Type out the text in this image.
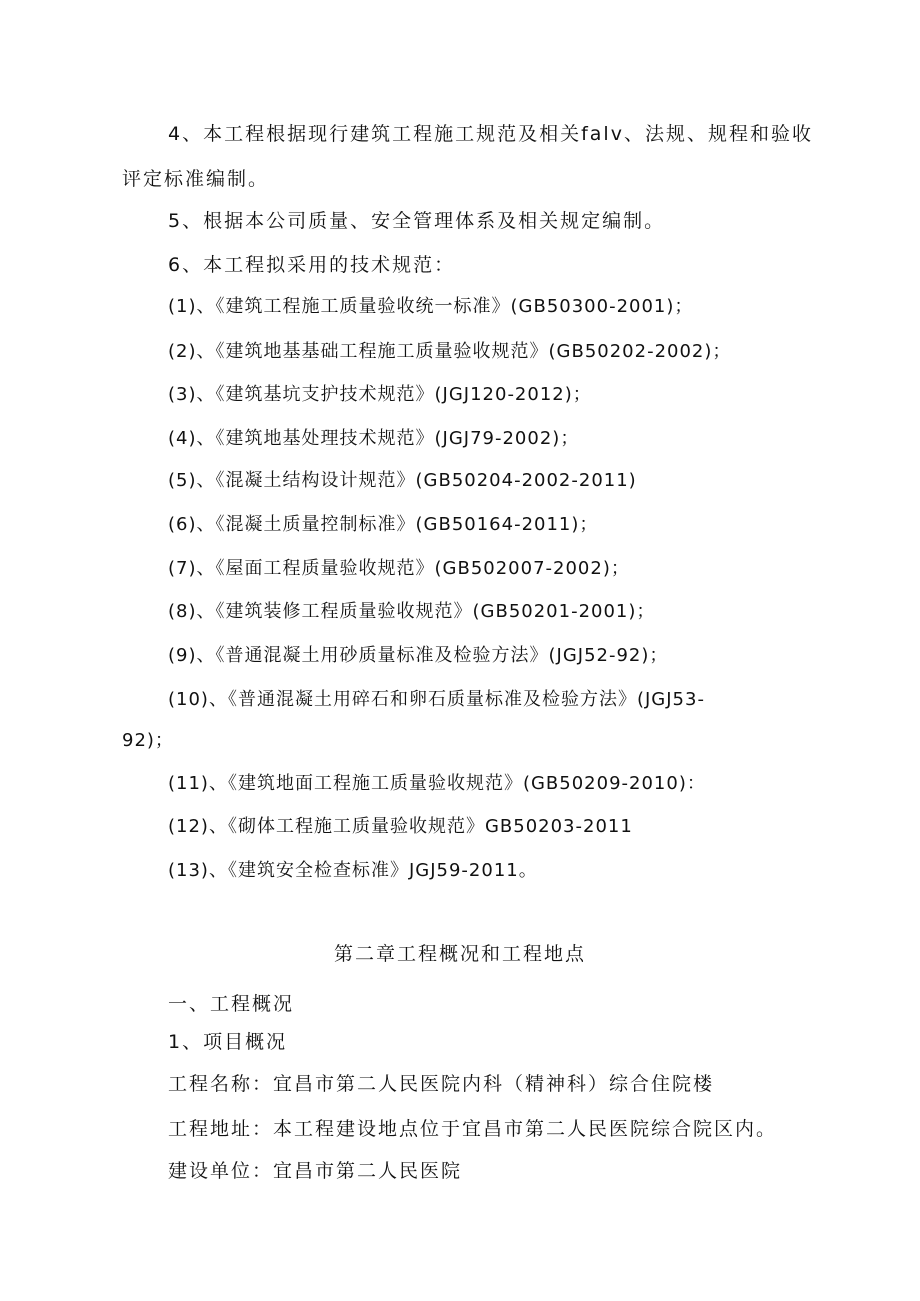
4、本工程根据现行建筑工程施工规范及相关falv、法规、规程和验收
评定标准编制。
5、根据本公司质量、安全管理体系及相关规定编制。
6、本工程拟采用的技术规范：
(1)、《建筑工程施工质量验收统一标准》(GB50300-2001)；
(2)、《建筑地基基础工程施工质量验收规范》(GB50202-2002)；
(3)、《建筑基坑支护技术规范》(JGJ120-2012)；
(4)、《建筑地基处理技术规范》(JGJ79-2002)；
(5)、《混凝土结构设计规范》(GB50204-2002-2011)
(6)、《混凝土质量控制标准》(GB50164-2011)；
(7)、《屋面工程质量验收规范》(GB502007-2002)；
(8)、《建筑装修工程质量验收规范》(GB50201-2001)；
(9)、《普通混凝土用砂质量标准及检验方法》(JGJ52-92)；
(10)、《普通混凝土用碎石和卵石质量标准及检验方法》(JGJ53-
92)；
(11)、《建筑地面工程施工质量验收规范》(GB50209-2010)：
(12)、《砌体工程施工质量验收规范》GB50203-2011
(13)、《建筑安全检查标准》JGJ59-2011。
第二章工程概况和工程地点
一、工程概况
1、项目概况
工程名称：宜昌市第二人民医院内科（精神科）综合住院楼
工程地址：本工程建设地点位于宜昌市第二人民医院综合院区内。
建设单位：宜昌市第二人民医院
